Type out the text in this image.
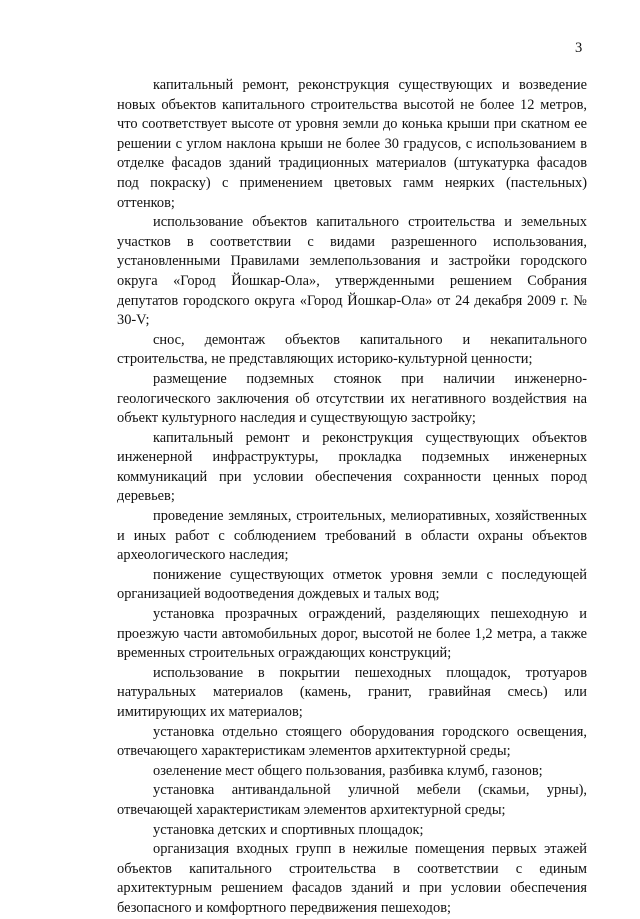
3

капитальный ремонт, реконструкция существующих и возведение новых объектов капитального строительства высотой не более 12 метров, что соответствует высоте от уровня земли до конька крыши при скатном ее решении с углом наклона крыши не более 30 градусов, с использованием в отделке фасадов зданий традиционных материалов (штукатурка фасадов под покраску) с применением цветовых гамм неярких (пастельных) оттенков;

использование объектов капитального строительства и земельных участков в соответствии с видами разрешенного использования, установленными Правилами землепользования и застройки городского округа «Город Йошкар-Ола», утвержденными решением Собрания депутатов городского округа «Город Йошкар-Ола» от 24 декабря 2009 г. № 30-V;

снос, демонтаж объектов капитального и некапитального строительства, не представляющих историко-культурной ценности;

размещение подземных стоянок при наличии инженерно-геологического заключения об отсутствии их негативного воздействия на объект культурного наследия и существующую застройку;

капитальный ремонт и реконструкция существующих объектов инженерной инфраструктуры, прокладка подземных инженерных коммуникаций при условии обеспечения сохранности ценных пород деревьев;

проведение земляных, строительных, мелиоративных, хозяйственных и иных работ с соблюдением требований в области охраны объектов археологического наследия;

понижение существующих отметок уровня земли с последующей организацией водоотведения дождевых и талых вод;

установка прозрачных ограждений, разделяющих пешеходную и проезжую части автомобильных дорог, высотой не более 1,2 метра, а также временных строительных ограждающих конструкций;

использование в покрытии пешеходных площадок, тротуаров натуральных материалов (камень, гранит, гравийная смесь) или имитирующих их материалов;

установка отдельно стоящего оборудования городского освещения, отвечающего характеристикам элементов архитектурной среды;

озеленение мест общего пользования, разбивка клумб, газонов;

установка антивандальной уличной мебели (скамьи, урны), отвечающей характеристикам элементов архитектурной среды;

установка детских и спортивных площадок;

организация входных групп в нежилые помещения первых этажей объектов капитального строительства в соответствии с единым архитектурным решением фасадов зданий и при условии обеспечения безопасного и комфортного передвижения пешеходов;
